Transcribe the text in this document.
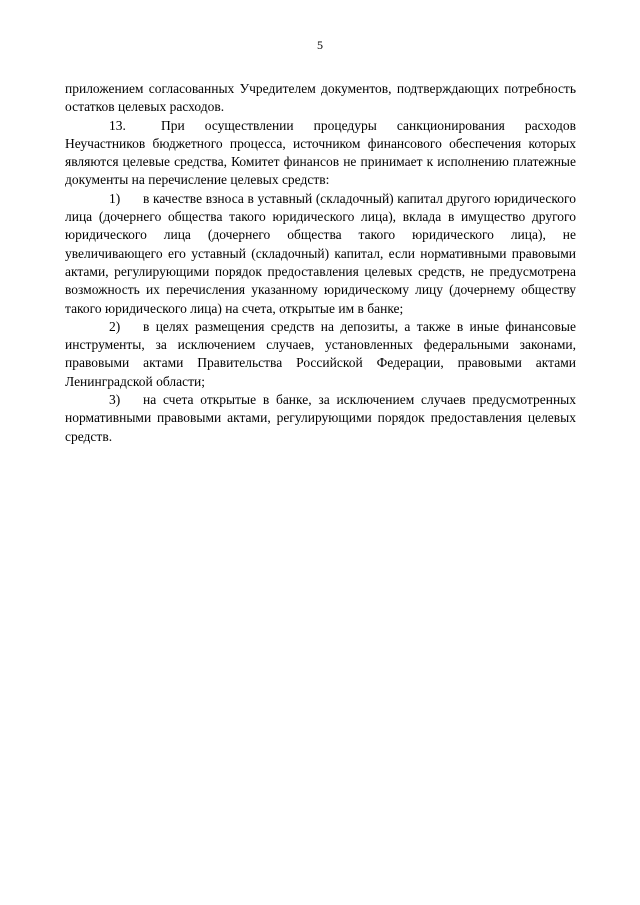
5

приложением согласованных Учредителем документов, подтверждающих потребность остатков целевых расходов.

13.	При осуществлении процедуры санкционирования расходов Неучастников бюджетного процесса, источником финансового обеспечения которых являются целевые средства, Комитет финансов не принимает к исполнению платежные документы на перечисление целевых средств:

1) в качестве взноса в уставный (складочный) капитал другого юридического лица (дочернего общества такого юридического лица), вклада в имущество другого юридического лица (дочернего общества такого юридического лица), не увеличивающего его уставный (складочный) капитал, если нормативными правовыми актами, регулирующими порядок предоставления целевых средств, не предусмотрена возможность их перечисления указанному юридическому лицу (дочернему обществу такого юридического лица) на счета, открытые им в банке;

2) в целях размещения средств на депозиты, а также в иные финансовые инструменты, за исключением случаев, установленных федеральными законами, правовыми актами Правительства Российской Федерации, правовыми актами Ленинградской области;

3) на счета открытые в банке, за исключением случаев предусмотренных нормативными правовыми актами, регулирующими порядок предоставления целевых средств.
